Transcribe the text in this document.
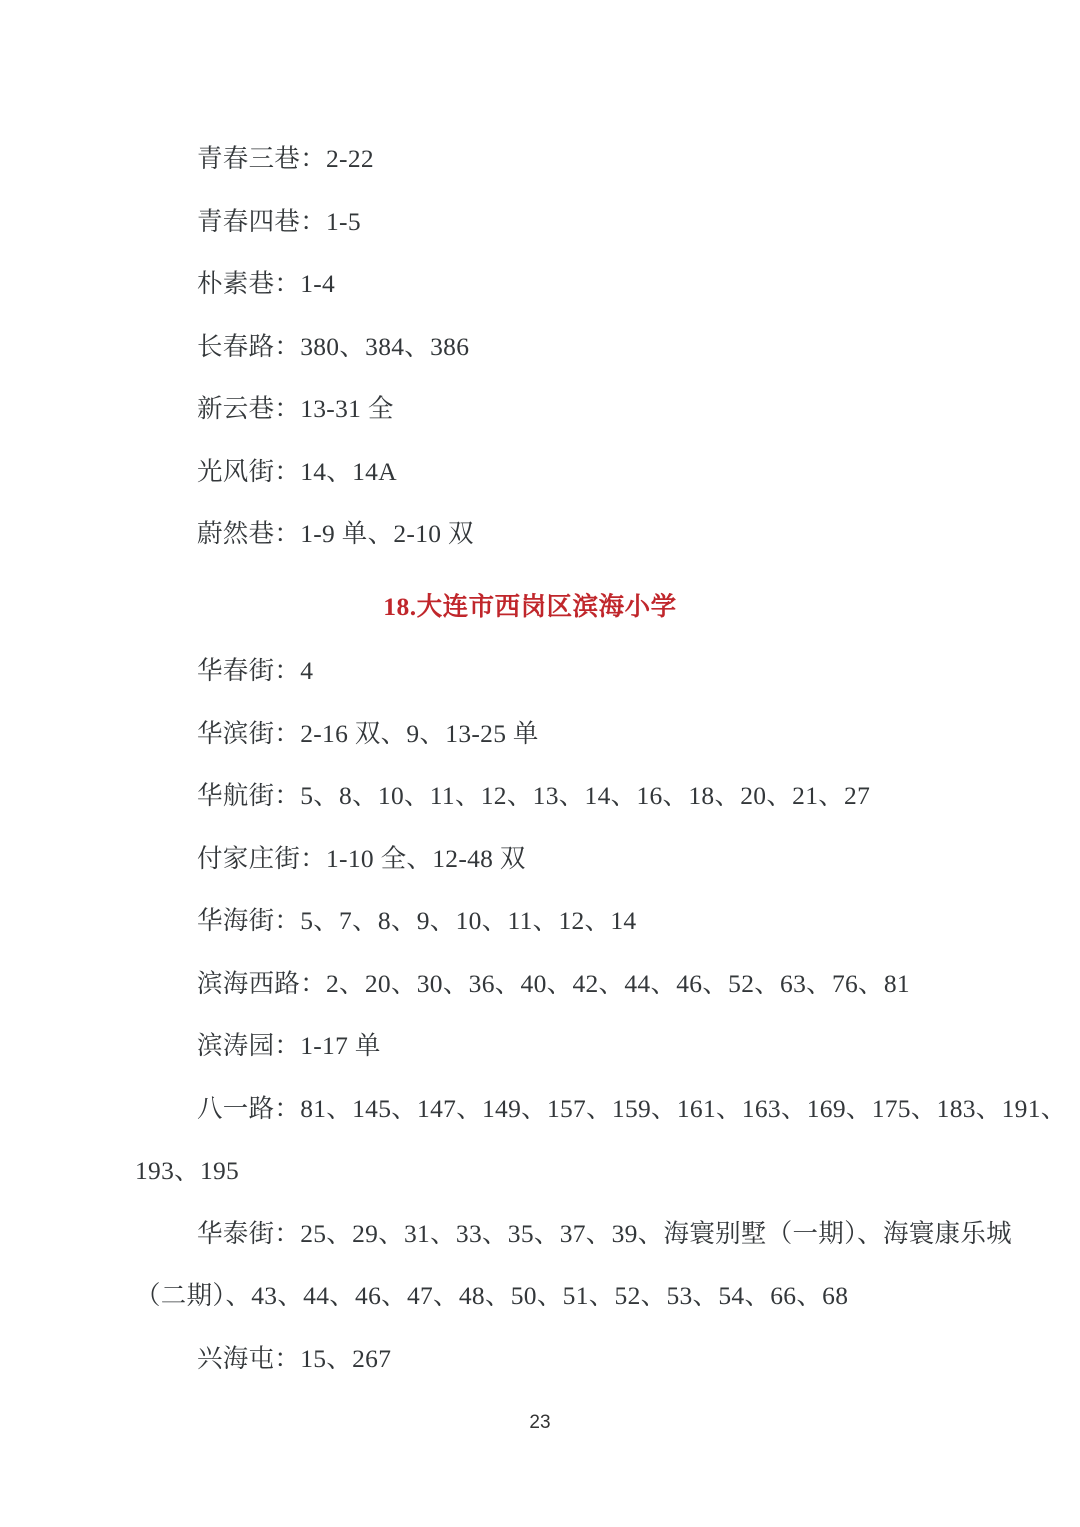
青春三巷：2-22
青春四巷：1-5
朴素巷：1-4
长春路：380、384、386
新云巷：13-31 全
光风街：14、14A
蔚然巷：1-9 单、2-10 双
18.大连市西岗区滨海小学
华春街：4
华滨街：2-16 双、9、13-25 单
华航街：5、8、10、11、12、13、14、16、18、20、21、27
付家庄街：1-10 全、12-48 双
华海街：5、7、8、9、10、11、12、14
滨海西路：2、20、30、36、40、42、44、46、52、63、76、81
滨涛园：1-17 单
八一路：81、145、147、149、157、159、161、163、169、175、183、191、
193、195
华泰街：25、29、31、33、35、37、39、海寰别墅（一期）、海寰康乐城
（二期）、43、44、46、47、48、50、51、52、53、54、66、68
兴海屯：15、267
23
